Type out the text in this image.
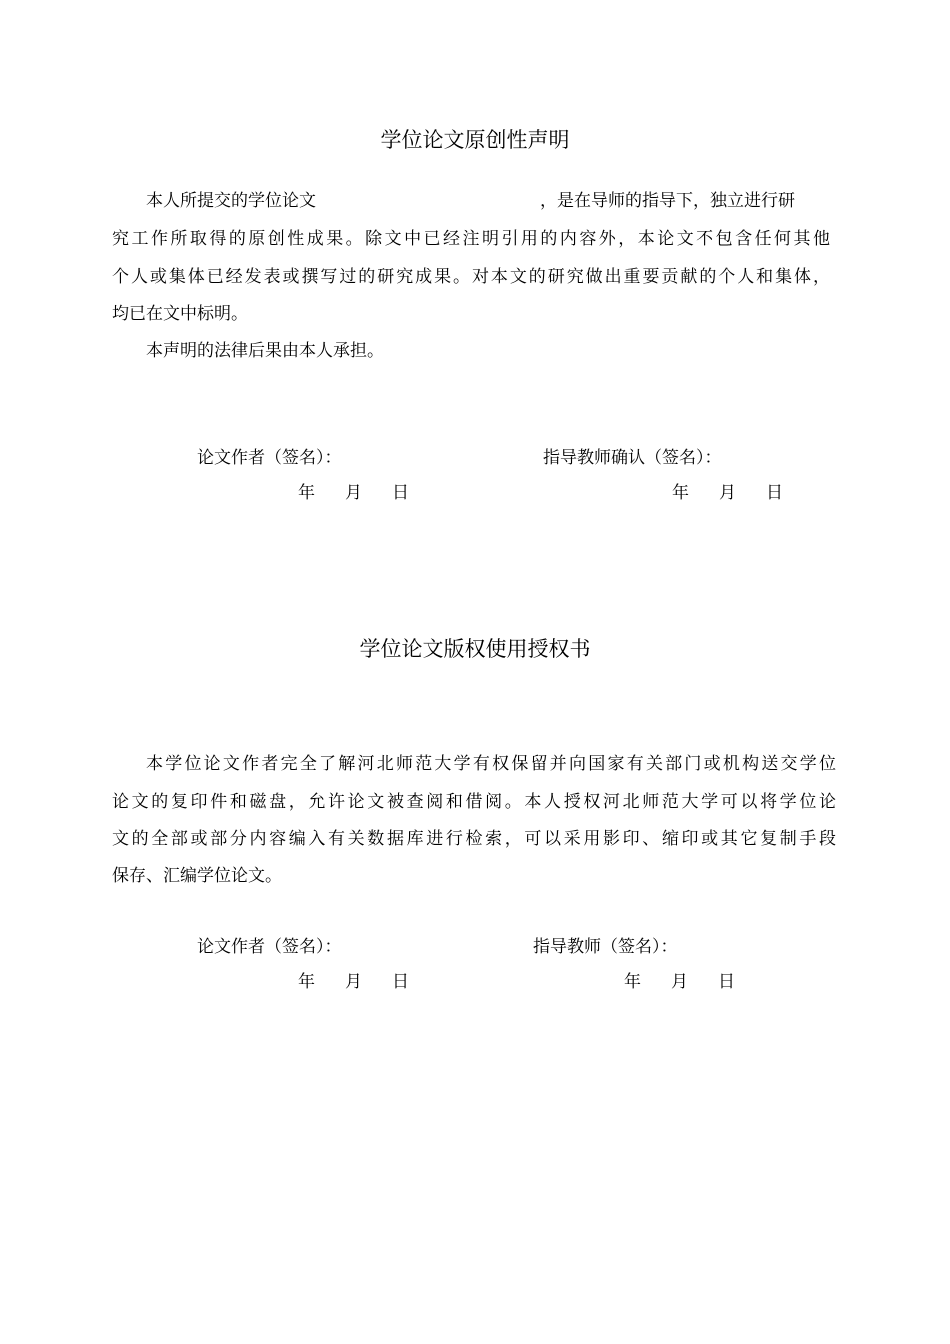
学位论文原创性声明
本人所提交的学位论文	，是在导师的指导下，独立进行研
究工作所取得的原创性成果。除文中已经注明引用的内容外，本论文不包含任何其他
个人或集体已经发表或撰写过的研究成果。对本文的研究做出重要贡献的个人和集体，
均已在文中标明。
本声明的法律后果由本人承担。
论文作者（签名）：	指导教师确认（签名）：
年 月 日	年 月 日
学位论文版权使用授权书
本学位论文作者完全了解河北师范大学有权保留并向国家有关部门或机构送交学位
论文的复印件和磁盘，允许论文被查阅和借阅。本人授权河北师范大学可以将学位论
文的全部或部分内容编入有关数据库进行检索，可以采用影印、缩印或其它复制手段
保存、汇编学位论文。
论文作者（签名）：	指导教师（签名）：
年 月 日	年 月 日
